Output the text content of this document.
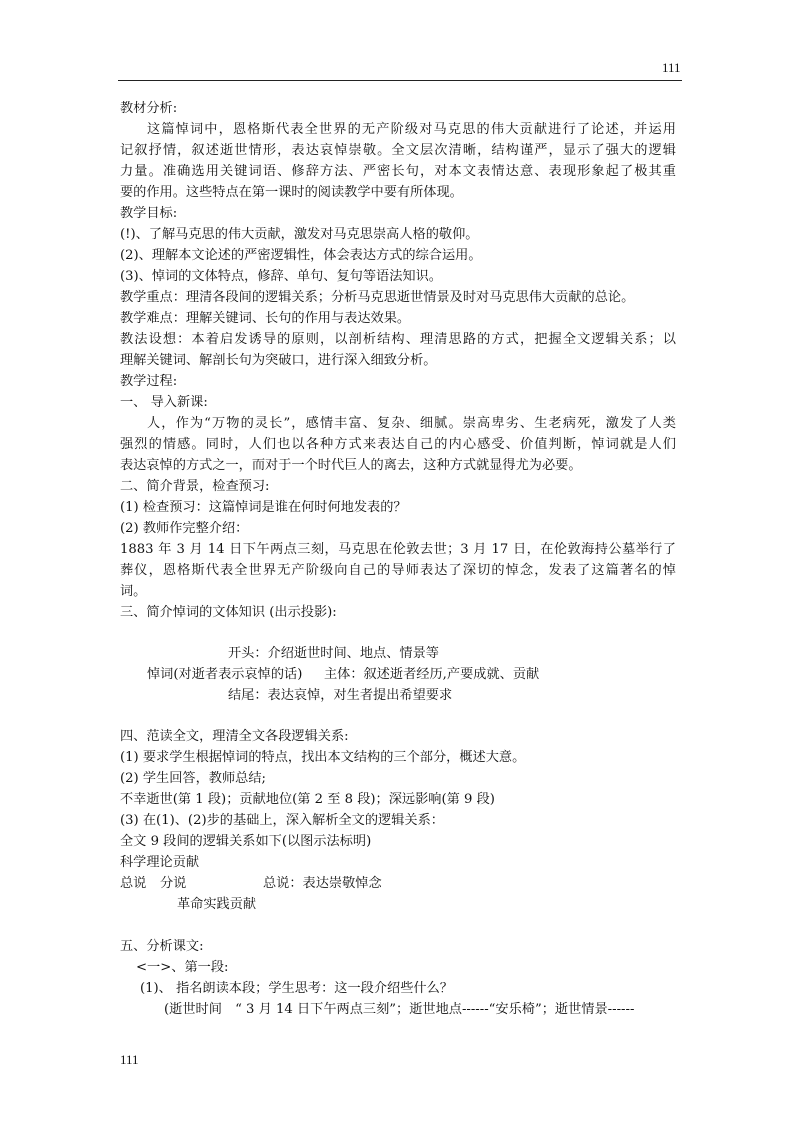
111
教材分析:
这篇悼词中，恩格斯代表全世界的无产阶级对马克思的伟大贡献进行了论述，并运用
记叙抒情，叙述逝世情形，表达哀悼崇敬。全文层次清晰，结构谨严，显示了强大的逻辑
力量。准确选用关键词语、修辞方法、严密长句，对本文表情达意、表现形象起了极其重
要的作用。这些特点在第一课时的阅读教学中要有所体现。
教学目标:
(!)、了解马克思的伟大贡献，激发对马克思崇高人格的敬仰。
(2)、理解本文论述的严密逻辑性，体会表达方式的综合运用。
(3)、悼词的文体特点，修辞、单句、复句等语法知识。
教学重点：理清各段间的逻辑关系；分析马克思逝世情景及时对马克思伟大贡献的总论。
教学难点：理解关键词、长句的作用与表达效果。
教法设想：本着启发诱导的原则，以剖析结构、理清思路的方式，把握全文逻辑关系；以
理解关键词、解剖长句为突破口，进行深入细致分析。
教学过程:
一、 导入新课:
人，作为“万物的灵长”，感情丰富、复杂、细腻。崇高卑劣、生老病死，激发了人类
强烈的情感。同时，人们也以各种方式来表达自己的内心感受、价值判断，悼词就是人们
表达哀悼的方式之一，而对于一个时代巨人的离去，这种方式就显得尤为必要。
二、简介背景，检查预习:
(1) 检查预习：这篇悼词是谁在何时何地发表的？
(2) 教师作完整介绍：
1883 年 3 月 14 日下午两点三刻，马克思在伦敦去世；3 月 17 日，在伦敦海持公墓举行了
葬仪，恩格斯代表全世界无产阶级向自己的导师表达了深切的悼念，发表了这篇著名的悼
词。
三、简介悼词的文体知识 (出示投影):
开头：介绍逝世时间、地点、情景等
悼词(对逝者表示哀悼的话) 主体：叙述逝者经历,产要成就、贡献
结尾：表达哀悼，对生者提出希望要求
四、范读全文，理清全文各段逻辑关系:
(1) 要求学生根据悼词的特点，找出本文结构的三个部分，概述大意。
(2) 学生回答，教师总结;
不幸逝世(第 1 段)；贡献地位(第 2 至 8 段)；深远影响(第 9 段)
(3) 在(1)、(2)步的基础上，深入解析全文的逻辑关系：
全文 9 段间的逻辑关系如下(以图示法标明)
科学理论贡献
总说 分说	总说：表达崇敬悼念
革命实践贡献
五、分析课文:
<一>、第一段:
(1)、 指名朗读本段；学生思考：这一段介绍些什么？
(逝世时间　“ 3 月 14 日下午两点三刻”；逝世地点------“安乐椅”；逝世情景------
111
